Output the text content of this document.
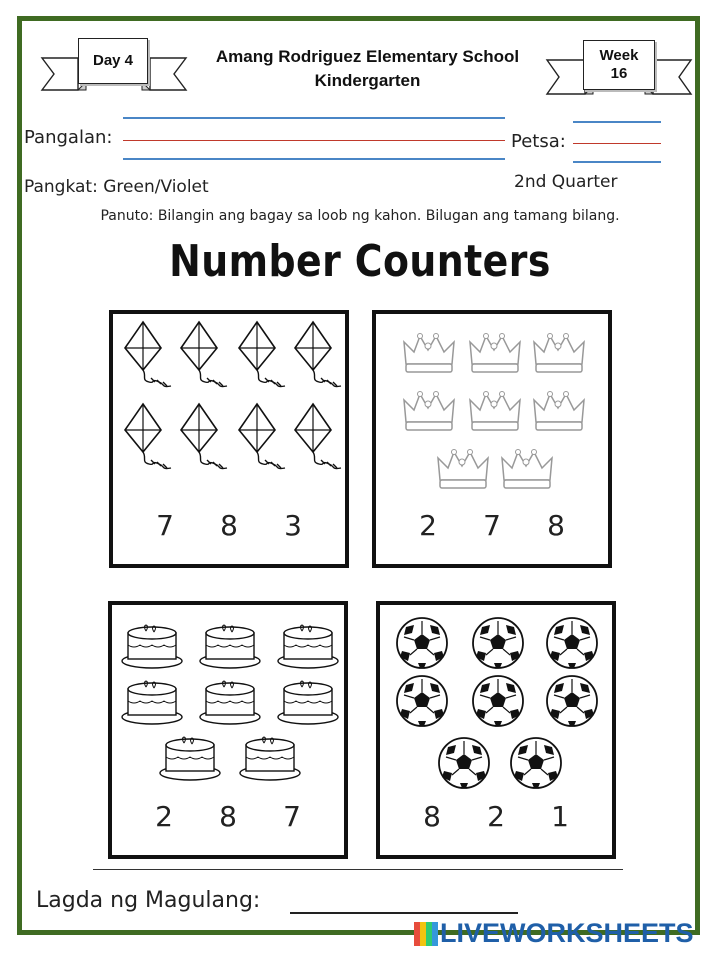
Day 4	Week
16
Amang Rodriguez Elementary School
Kindergarten
Pangalan:	Petsa:
Pangkat: Green/Violet	2nd Quarter
Panuto: Bilangin ang bagay sa loob ng kahon. Bilugan ang tamang bilang.
Number Counters
7 8 3	2 7 8
2 8 7	8 2 1
Lagda ng Magulang:
LIVEWORKSHEETS
